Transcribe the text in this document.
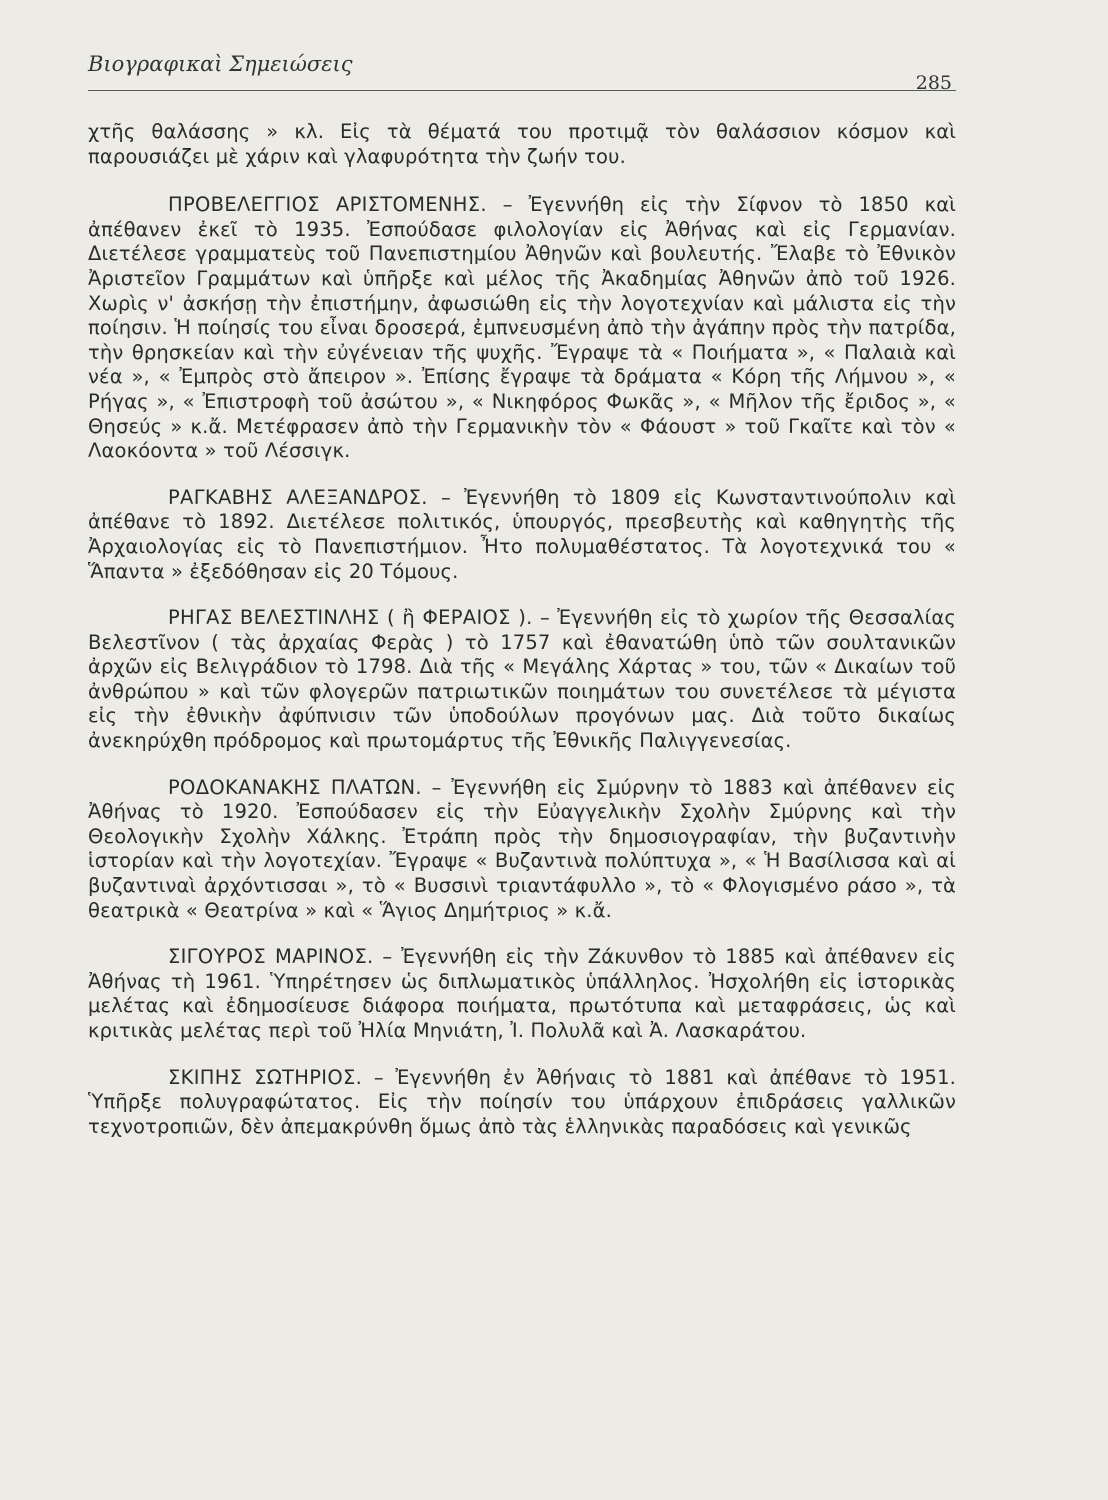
Βιογραφικαὶ Σημειώσεις
285

χτῆς θαλάσσης » κλ. Εἰς τὰ θέματά του προτιμᾷ τὸν θαλάσσιον κόσμον καὶ παρουσιάζει μὲ χάριν καὶ γλαφυρότητα τὴν ζωήν του.

ΠΡΟΒΕΛΕΓΓΙΟΣ ΑΡΙΣΤΟΜΕΝΗΣ. – Ἐγεννήθη εἰς τὴν Σίφνον τὸ 1850 καὶ ἀπέθανεν ἐκεῖ τὸ 1935. Ἐσπούδασε φιλολογίαν εἰς Ἀθήνας καὶ εἰς Γερμανίαν. Διετέλεσε γραμματεὺς τοῦ Πανεπιστημίου Ἀθηνῶν καὶ βουλευτής. Ἔλαβε τὸ Ἐθνικὸν Ἀριστεῖον Γραμμάτων καὶ ὑπῆρξε καὶ μέλος τῆς Ἀκαδημίας Ἀθηνῶν ἀπὸ τοῦ 1926. Χωρὶς ν' ἀσκήσῃ τὴν ἐπιστήμην, ἀφωσιώθη εἰς τὴν λογοτεχνίαν καὶ μάλιστα εἰς τὴν ποίησιν. Ἡ ποίησίς του εἶναι δροσερά, ἐμπνευσμένη ἀπὸ τὴν ἀγάπην πρὸς τὴν πατρίδα, τὴν θρησκείαν καὶ τὴν εὐγένειαν τῆς ψυχῆς. Ἔγραψε τὰ « Ποιήματα », « Παλαιὰ καὶ νέα », « Ἐμπρὸς στὸ ἄπειρον ». Ἐπίσης ἔγραψε τὰ δράματα « Κόρη τῆς Λήμνου », « Ρήγας », « Ἐπιστροφὴ τοῦ ἀσώτου », « Νικηφόρος Φωκᾶς », « Μῆλον τῆς ἔριδος », « Θησεύς » κ.ἄ. Μετέφρασεν ἀπὸ τὴν Γερμανικὴν τὸν « Φάουστ » τοῦ Γκαῖτε καὶ τὸν « Λαοκόοντα » τοῦ Λέσσιγκ.

ΡΑΓΚΑΒΗΣ ΑΛΕΞΑΝΔΡΟΣ. – Ἐγεννήθη τὸ 1809 εἰς Κωνσταντινούπολιν καὶ ἀπέθανε τὸ 1892. Διετέλεσε πολιτικός, ὑπουργός, πρεσβευτὴς καὶ καθηγητὴς τῆς Ἀρχαιολογίας εἰς τὸ Πανεπιστήμιον. Ἦτο πολυμαθέστατος. Τὰ λογοτεχνικά του « Ἅπαντα » ἐξεδόθησαν εἰς 20 Τόμους.

ΡΗΓΑΣ ΒΕΛΕΣΤΙΝΛΗΣ ( ἢ ΦΕΡΑΙΟΣ ). – Ἐγεννήθη εἰς τὸ χωρίον τῆς Θεσσαλίας Βελεστῖνον ( τὰς ἀρχαίας Φερὰς ) τὸ 1757 καὶ ἐθανατώθη ὑπὸ τῶν σουλτανικῶν ἀρχῶν εἰς Βελιγράδιον τὸ 1798. Διὰ τῆς « Μεγάλης Χάρτας » του, τῶν « Δικαίων τοῦ ἀνθρώπου » καὶ τῶν φλογερῶν πατριωτικῶν ποιημάτων του συνετέλεσε τὰ μέγιστα εἰς τὴν ἐθνικὴν ἀφύπνισιν τῶν ὑποδούλων προγόνων μας. Διὰ τοῦτο δικαίως ἀνεκηρύχθη πρόδρομος καὶ πρωτομάρτυς τῆς Ἐθνικῆς Παλιγγενεσίας.

ΡΟΔΟΚΑΝΑΚΗΣ ΠΛΑΤΩΝ. – Ἐγεννήθη εἰς Σμύρνην τὸ 1883 καὶ ἀπέθανεν εἰς Ἀθήνας τὸ 1920. Ἐσπούδασεν εἰς τὴν Εὐαγγελικὴν Σχολὴν Σμύρνης καὶ τὴν Θεολογικὴν Σχολὴν Χάλκης. Ἐτράπη πρὸς τὴν δημοσιογραφίαν, τὴν βυζαντινὴν ἱστορίαν καὶ τὴν λογοτεχίαν. Ἔγραψε « Βυζαντινὰ πολύπτυχα », « Ἡ Βασίλισσα καὶ αἱ βυζαντιναὶ ἀρχόντισσαι », τὸ « Βυσσινὶ τριαντάφυλλο », τὸ « Φλογισμένο ράσο », τὰ θεατρικὰ « Θεατρίνα » καὶ « Ἅγιος Δημήτριος » κ.ἄ.

ΣΙΓΟΥΡΟΣ ΜΑΡΙΝΟΣ. – Ἐγεννήθη εἰς τὴν Ζάκυνθον τὸ 1885 καὶ ἀπέθανεν εἰς Ἀθήνας τὴ 1961. Ὑπηρέτησεν ὡς διπλωματικὸς ὑπάλληλος. Ἠσχολήθη εἰς ἱστορικὰς μελέτας καὶ ἐδημοσίευσε διάφορα ποιήματα, πρωτότυπα καὶ μεταφράσεις, ὡς καὶ κριτικὰς μελέτας περὶ τοῦ Ἠλία Μηνιάτη, Ἰ. Πολυλᾶ καὶ Ἀ. Λασκαράτου.

ΣΚΙΠΗΣ ΣΩΤΗΡΙΟΣ. – Ἐγεννήθη ἐν Ἀθήναις τὸ 1881 καὶ ἀπέθανε τὸ 1951. Ὑπῆρξε πολυγραφώτατος. Εἰς τὴν ποίησίν του ὑπάρχουν ἐπιδράσεις γαλλικῶν τεχνοτροπιῶν, δὲν ἀπεμακρύνθη ὅμως ἀπὸ τὰς ἑλληνικὰς παραδόσεις καὶ γενικῶς
